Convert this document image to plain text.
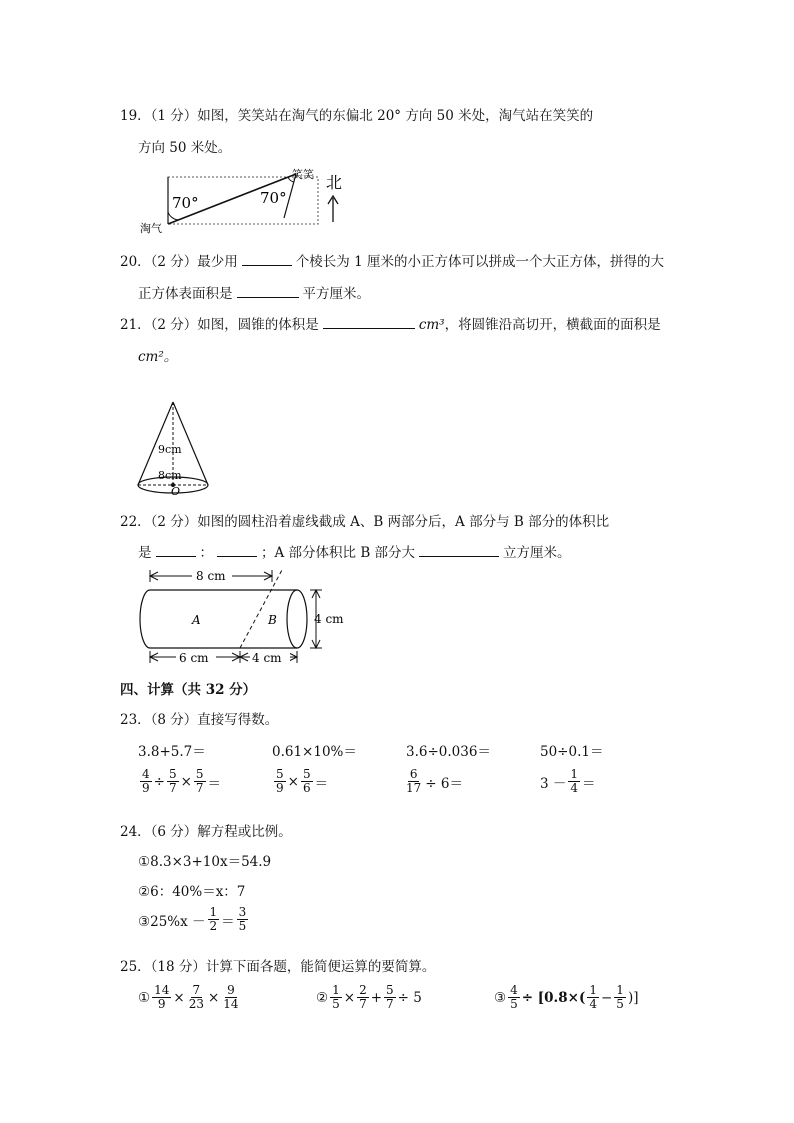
19．（1 分）如图，笑笑站在淘气的东偏北 20° 方向 50 米处，淘气站在笑笑的
方向 50 米处。
70°	70°
笑笑
淘气
北
20．（2 分）最少用	个棱长为 1 厘米的小正方体可以拼成一个大正方体，拼得的大
正方体表面积是	平方厘米。
21．（2 分）如图，圆锥的体积是	cm³，将圆锥沿高切开，横截面的面积是
cm²。
9cm
8cm
O
22．（2 分）如图的圆柱沿着虚线截成 A、B 两部分后，A 部分与 B 部分的体积比
是	：	；A 部分体积比 B 部分大	立方厘米。
8 cm
A	B	4 cm
6 cm	4 cm
四、计算（共 32 分）
23．（8 分）直接写得数。
3.8+5.7＝	0.61×10%＝	3.6÷0.036＝	50÷0.1＝
$\frac{4}{9} \div \frac{5}{7} \times \frac{5}{7}$ ＝	$\frac{5}{9} \times \frac{5}{6}$ ＝	$\frac{6}{17} \div 6=$	$3 - \frac{1}{4}$ ＝
24．（6 分）解方程或比例。
①8.3×3+10x＝54.9
②6：40%＝x：7
③25%x － $\frac{1}{2} = \frac{3}{5}$
25．（18 分）计算下面各题，能简便运算的要简算。
① $\frac{14}{9} \times \frac{7}{23} \times \frac{9}{14}$	② $\frac{1}{5} \times \frac{2}{7} + \frac{5}{7} \div 5$	③ $\frac{4}{5} \div [0.8\times( \frac{1}{4} - \frac{1}{5}$ )]
